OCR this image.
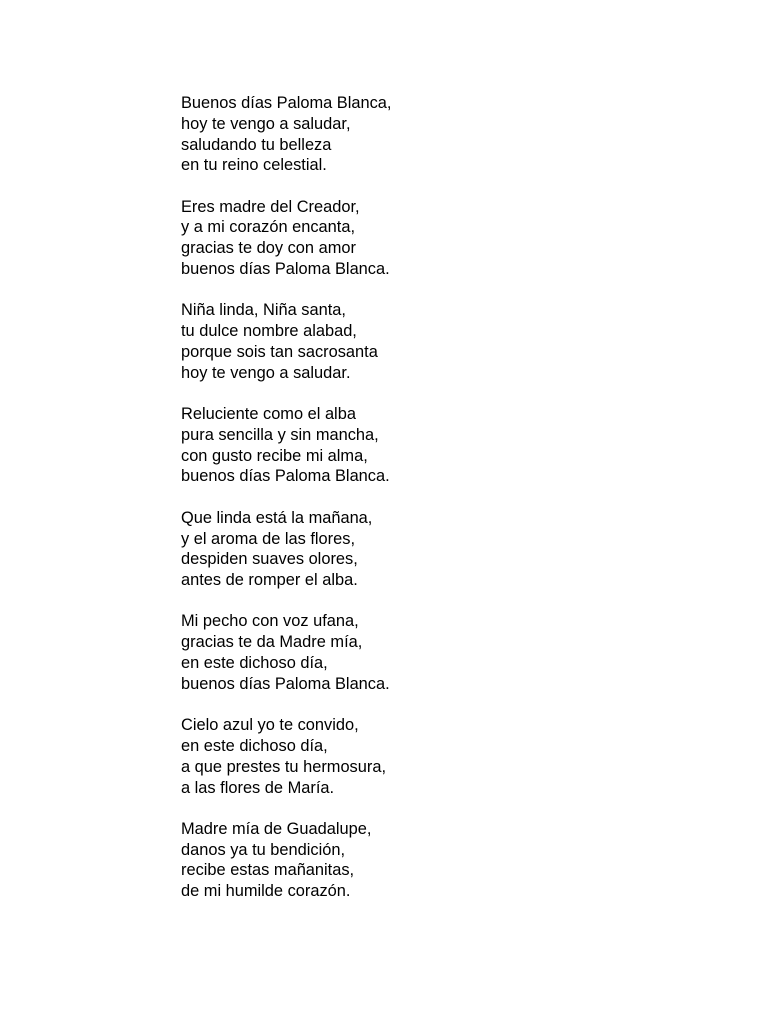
Buenos días Paloma Blanca,
hoy te vengo a saludar,
saludando tu belleza
en tu reino celestial.
Eres madre del Creador,
y a mi corazón encanta,
gracias te doy con amor
buenos días Paloma Blanca.
Niña linda, Niña santa,
tu dulce nombre alabad,
porque sois tan sacrosanta
hoy te vengo a saludar.
Reluciente como el alba
pura sencilla y sin mancha,
con gusto recibe mi alma,
buenos días Paloma Blanca.
Que linda está la mañana,
y el aroma de las flores,
despiden suaves olores,
antes de romper el alba.
Mi pecho con voz ufana,
gracias te da Madre mía,
en este dichoso día,
buenos días Paloma Blanca.
Cielo azul yo te convido,
en este dichoso día,
a que prestes tu hermosura,
a las flores de María.
Madre mía de Guadalupe,
danos ya tu bendición,
recibe estas mañanitas,
de mi humilde corazón.
